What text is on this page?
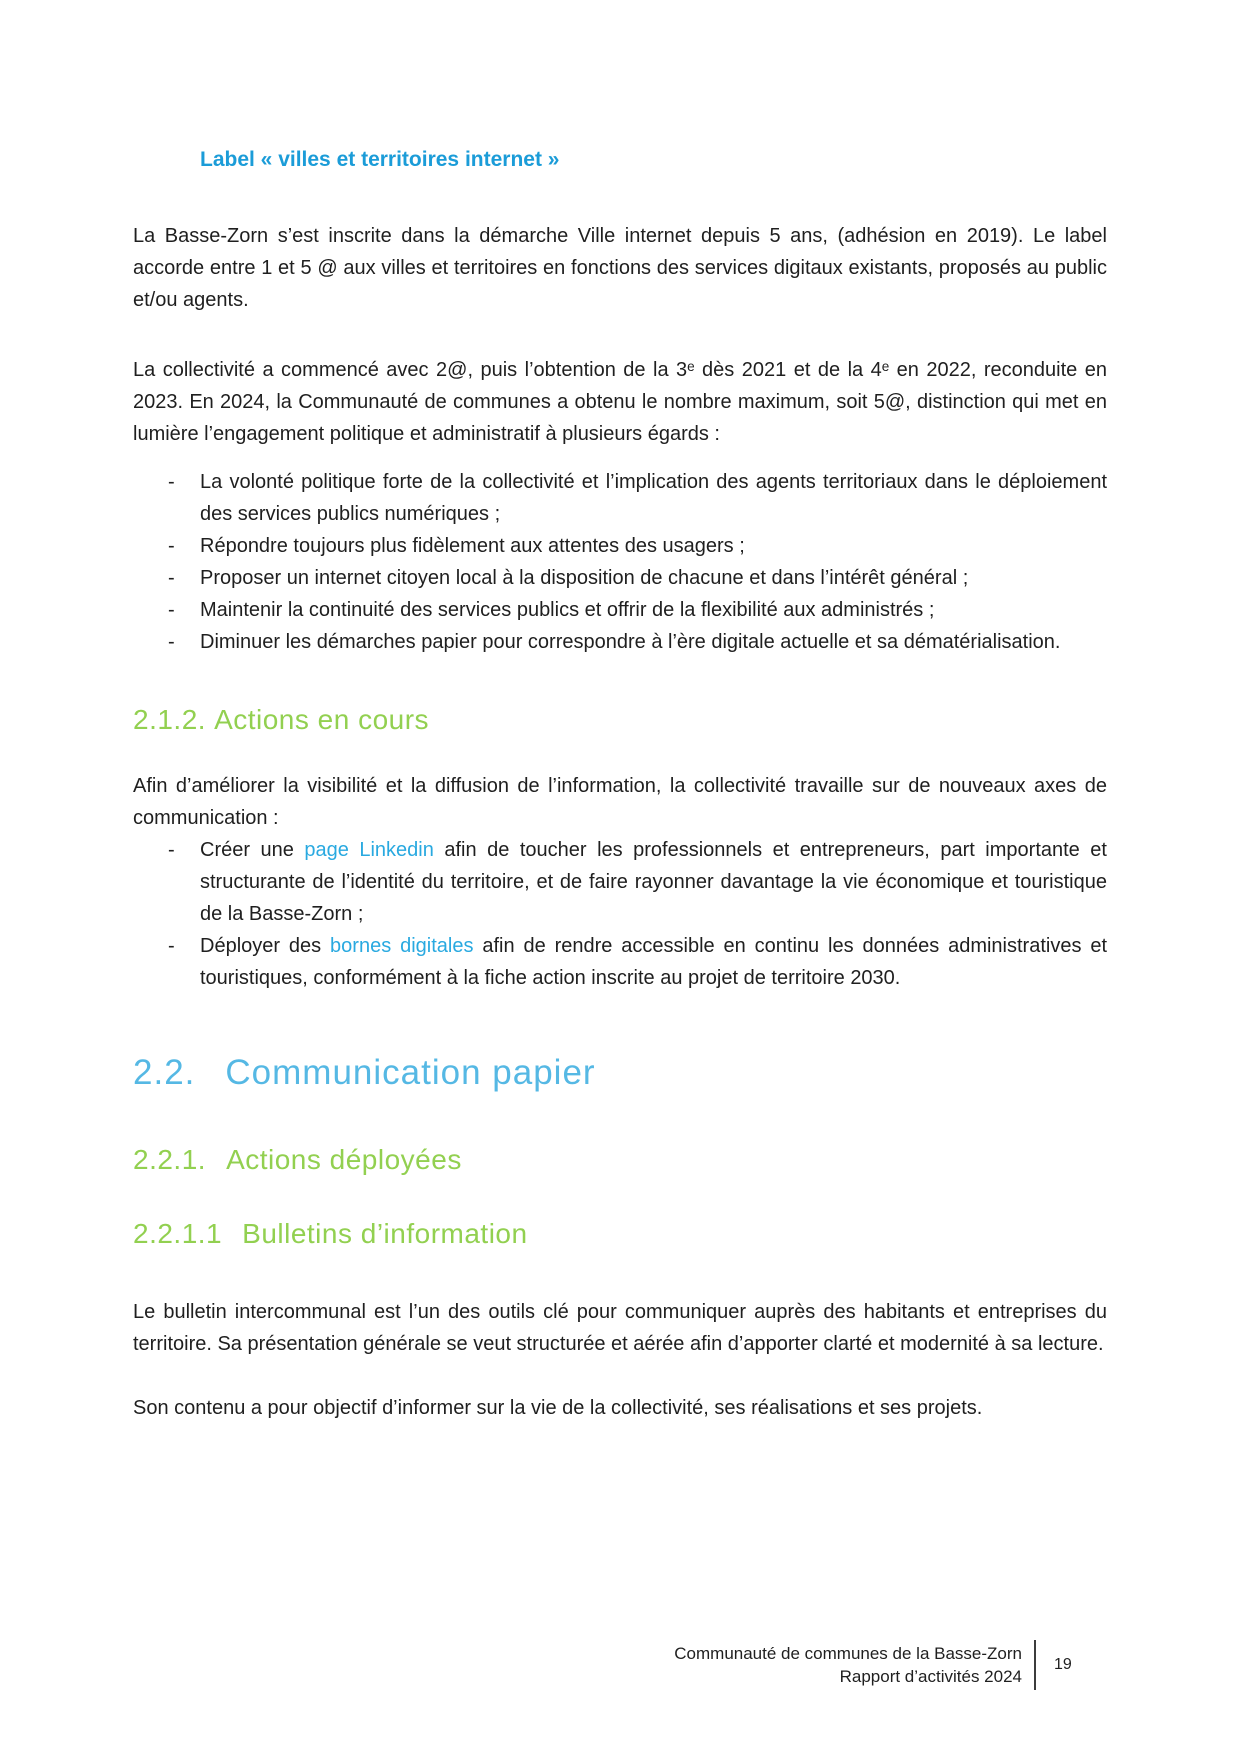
Label « villes et territoires internet »

La Basse-Zorn s’est inscrite dans la démarche Ville internet depuis 5 ans, (adhésion en 2019). Le label accorde entre 1 et 5 @ aux villes et territoires en fonctions des services digitaux existants, proposés au public et/ou agents.

La collectivité a commencé avec 2@, puis l’obtention de la 3ᵉ dès 2021 et de la 4ᵉ en 2022, reconduite en 2023. En 2024, la Communauté de communes a obtenu le nombre maximum, soit 5@, distinction qui met en lumière l’engagement politique et administratif à plusieurs égards :

-	La volonté politique forte de la collectivité et l’implication des agents territoriaux dans le déploiement des services publics numériques ;
-	Répondre toujours plus fidèlement aux attentes des usagers ;
-	Proposer un internet citoyen local à la disposition de chacune et dans l’intérêt général ;
-	Maintenir la continuité des services publics et offrir de la flexibilité aux administrés ;
-	Diminuer les démarches papier pour correspondre à l’ère digitale actuelle et sa dématérialisation.
2.1.2. Actions en cours

Afin d’améliorer la visibilité et la diffusion de l’information, la collectivité travaille sur de nouveaux axes de communication :

-	Créer une page Linkedin afin de toucher les professionnels et entrepreneurs, part importante et structurante de l’identité du territoire, et de faire rayonner davantage la vie économique et touristique de la Basse-Zorn ;
-	Déployer des bornes digitales afin de rendre accessible en continu les données administratives et touristiques, conformément à la fiche action inscrite au projet de territoire 2030.
2.2. Communication papier
2.2.1. Actions déployées
2.2.1.1 Bulletins d’information

Le bulletin intercommunal est l’un des outils clé pour communiquer auprès des habitants et entreprises du territoire. Sa présentation générale se veut structurée et aérée afin d’apporter clarté et modernité à sa lecture.

Son contenu a pour objectif d’informer sur la vie de la collectivité, ses réalisations et ses projets.

Communauté de communes de la Basse-Zorn
Rapport d’activités 2024
19
